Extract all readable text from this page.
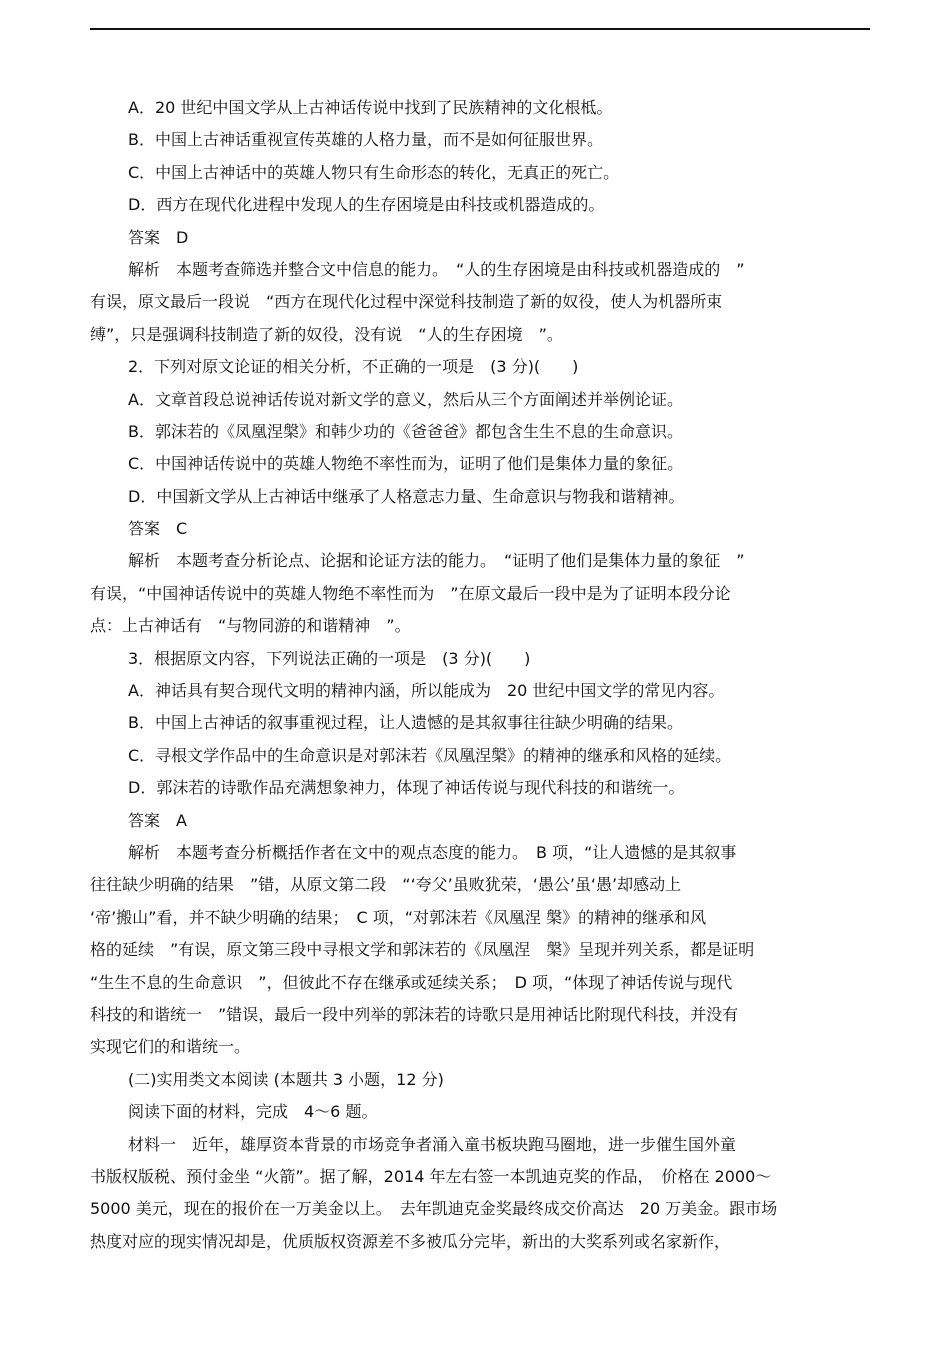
A．20 世纪中国文学从上古神话传说中找到了民族精神的文化根柢。
B．中国上古神话重视宣传英雄的人格力量，而不是如何征服世界。
C．中国上古神话中的英雄人物只有生命形态的转化，无真正的死亡。
D．西方在现代化进程中发现人的生存困境是由科技或机器造成的。
答案　D
解析　本题考查筛选并整合文中信息的能力。　“人的生存困境是由科技或机器造成的　”
有误，原文最后一段说　“西方在现代化过程中深觉科技制造了新的奴役，使人为机器所束
缚”，只是强调科技制造了新的奴役，没有说　“人的生存困境　”。
2．下列对原文论证的相关分析，不正确的一项是　(3 分)(　　)
A．文章首段总说神话传说对新文学的意义，然后从三个方面阐述并举例论证。
B．郭沫若的《凤凰涅槃》和韩少功的《爸爸爸》都包含生生不息的生命意识。
C．中国神话传说中的英雄人物绝不率性而为，证明了他们是集体力量的象征。
D．中国新文学从上古神话中继承了人格意志力量、生命意识与物我和谐精神。
答案　C
解析　本题考查分析论点、论据和论证方法的能力。　“证明了他们是集体力量的象征　”
有误，“中国神话传说中的英雄人物绝不率性而为　”在原文最后一段中是为了证明本段分论
点：上古神话有　“与物同游的和谐精神　”。
3．根据原文内容，下列说法正确的一项是　(3 分)(　　)
A．神话具有契合现代文明的精神内涵，所以能成为　20 世纪中国文学的常见内容。
B．中国上古神话的叙事重视过程，让人遗憾的是其叙事往往缺少明确的结果。
C．寻根文学作品中的生命意识是对郭沫若《凤凰涅槃》的精神的继承和风格的延续。
D．郭沫若的诗歌作品充满想象神力，体现了神话传说与现代科技的和谐统一。
答案　A
解析　本题考查分析概括作者在文中的观点态度的能力。　B 项，“让人遗憾的是其叙事
往往缺少明确的结果　”错，从原文第二段　“‘夸父’虽败犹荣，‘愚公’虽‘愚’却感动上
‘帝’搬山”看，并不缺少明确的结果；　C 项，“对郭沫若《凤凰涅 槃》的精神的继承和风
格的延续　”有误，原文第三段中寻根文学和郭沫若的《凤凰涅　槃》呈现并列关系，都是证明
“生生不息的生命意识　”，但彼此不存在继承或延续关系；　D 项，“体现了神话传说与现代
科技的和谐统一　”错误，最后一段中列举的郭沫若的诗歌只是用神话比附现代科技，并没有
实现它们的和谐统一。
(二)实用类文本阅读 (本题共 3 小题，12 分)
阅读下面的材料，完成　4～6 题。
材料一　近年，雄厚资本背景的市场竞争者涌入童书板块跑马圈地，进一步催生国外童
书版权版税、预付金坐 “火箭”。据了解，2014 年左右签一本凯迪克奖的作品，　价格在 2000～
5000 美元，现在的报价在一万美金以上。　去年凯迪克金奖最终成交价高达　20 万美金。跟市场
热度对应的现实情况却是，优质版权资源差不多被瓜分完毕，新出的大奖系列或名家新作，
